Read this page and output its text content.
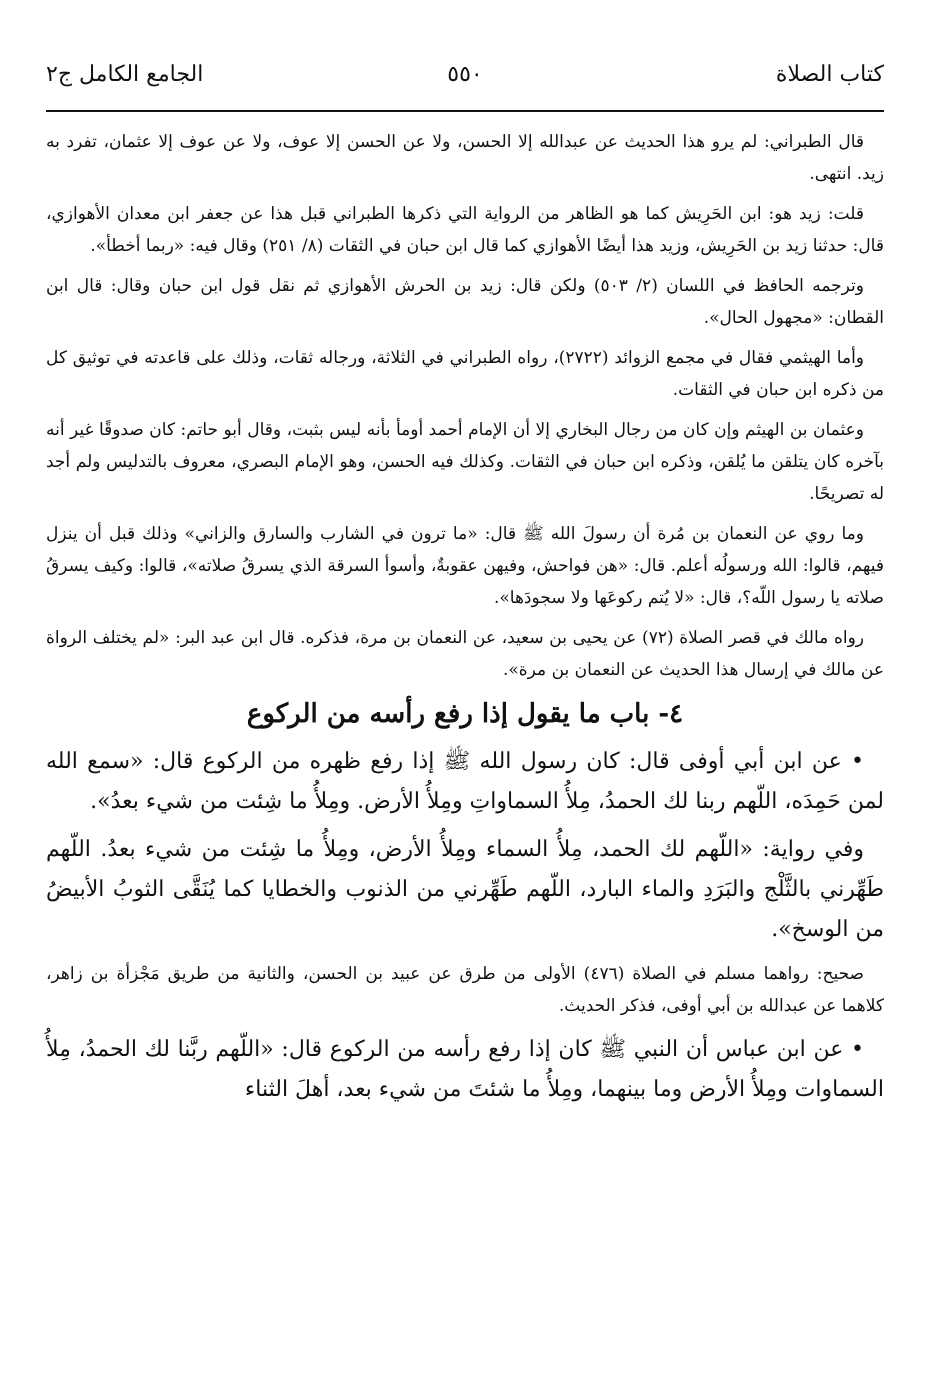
كتاب الصلاة
٥٥٠
الجامع الكامل ج٢

قال الطبراني: لم يرو هذا الحديث عن عبدالله إلا الحسن، ولا عن الحسن إلا عوف، ولا عن عوف إلا عثمان، تفرد به زيد. انتهى.

قلت: زيد هو: ابن الحَرِيش كما هو الظاهر من الرواية التي ذكرها الطبراني قبل هذا عن جعفر ابن معدان الأهوازي، قال: حدثنا زيد بن الحَرِيش، وزيد هذا أيضًا الأهوازي كما قال ابن حبان في الثقات (٨/ ٢٥١) وقال فيه: «ربما أخطأ».

وترجمه الحافظ في اللسان (٢/ ٥٠٣) ولكن قال: زيد بن الحرش الأهوازي ثم نقل قول ابن حبان وقال: قال ابن القطان: «مجهول الحال».

وأما الهيثمي فقال في مجمع الزوائد (٢٧٢٢)، رواه الطبراني في الثلاثة، ورجاله ثقات، وذلك على قاعدته في توثيق كل من ذكره ابن حبان في الثقات.

وعثمان بن الهيثم وإن كان من رجال البخاري إلا أن الإمام أحمد أومأ بأنه ليس بثبت، وقال أبو حاتم: كان صدوقًا غير أنه بآخره كان يتلقن ما يُلقن، وذكره ابن حبان في الثقات. وكذلك فيه الحسن، وهو الإمام البصري، معروف بالتدليس ولم أجد له تصريحًا.

وما روي عن النعمان بن مُرة أن رسولَ الله ﷺ قال: «ما ترون في الشارب والسارق والزاني» وذلك قبل أن ينزل فيهم، قالوا: الله ورسولُه أعلم. قال: «هن فواحش، وفيهن عقوبةٌ، وأسوأ السرقة الذي يسرقُ صلاته»، قالوا: وكيف يسرقُ صلاته يا رسول اللّه؟، قال: «لا يُتم ركوعَها ولا سجودَها».

رواه مالك في قصر الصلاة (٧٢) عن يحيى بن سعيد، عن النعمان بن مرة، فذكره. قال ابن عبد البر: «لم يختلف الرواة عن مالك في إرسال هذا الحديث عن النعمان بن مرة».

٤- باب ما يقول إذا رفع رأسه من الركوع

• عن ابن أبي أوفى قال: كان رسول الله ﷺ إذا رفع ظهره من الركوع قال: «سمع الله لمن حَمِدَه، اللّهم ربنا لك الحمدُ، مِلأُ السماواتِ ومِلأُ الأرض. ومِلأُ ما شِئت من شيء بعدُ».

وفي رواية: «اللّهم لك الحمد، مِلأُ السماء ومِلأُ الأرض، ومِلأُ ما شِئت من شيء بعدُ. اللّهم طَهِّرني بالثَّلْج والبَرَدِ والماء البارد، اللّهم طَهِّرني من الذنوب والخطايا كما يُنَقَّى الثوبُ الأبيضُ من الوسخ».

صحيح: رواهما مسلم في الصلاة (٤٧٦) الأولى من طرق عن عبيد بن الحسن، والثانية من طريق مَجْزأة بن زاهر، كلاهما عن عبدالله بن أبي أوفى، فذكر الحديث.

• عن ابن عباس أن النبي ﷺ كان إذا رفع رأسه من الركوع قال: «اللّهم ربَّنا لك الحمدُ، مِلأُ السماوات ومِلأُ الأرض وما بينهما، ومِلأُ ما شئتَ من شيء بعد، أهلَ الثناء
